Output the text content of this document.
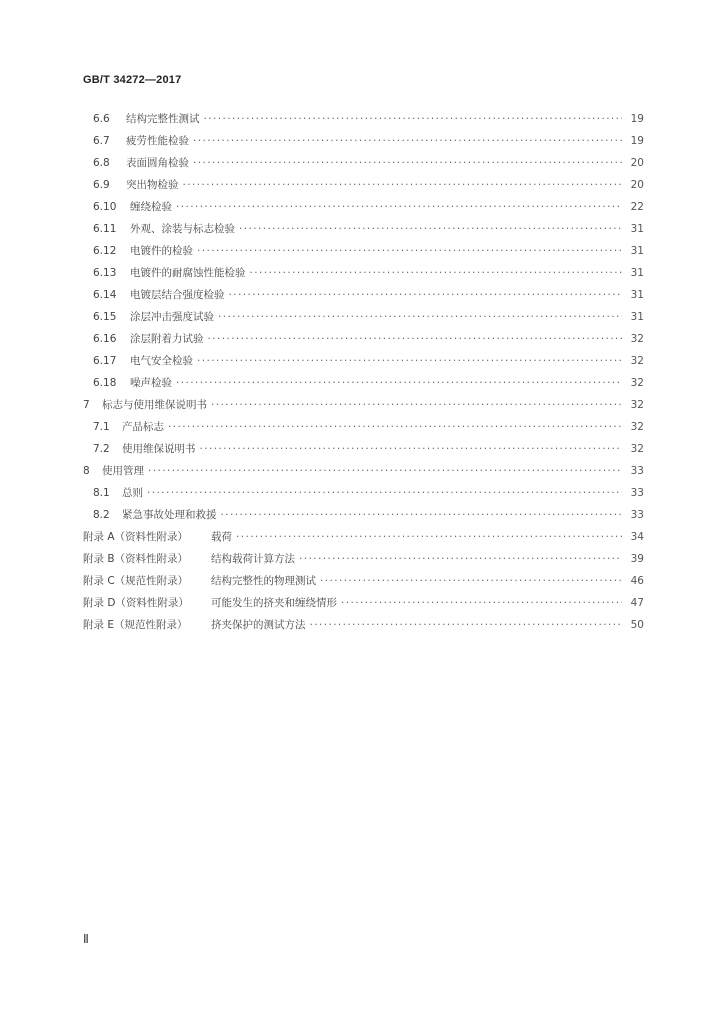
GB/T 34272—2017
6.6	结构完整性测试 ·····	19
6.7	疲劳性能检验 ·····	19
6.8	表面圆角检验 ·····	20
6.9	突出物检验 ·····	20
6.10	缠绕检验 ·····	22
6.11	外观、涂装与标志检验 ·····	31
6.12	电镀件的检验 ·····	31
6.13	电镀件的耐腐蚀性能检验 ·····	31
6.14	电镀层结合强度检验 ·····	31
6.15	涂层冲击强度试验 ·····	31
6.16	涂层附着力试验 ·····	32
6.17	电气安全检验 ·····	32
6.18	噪声检验 ·····	32
7	标志与使用维保说明书 ·····	32
7.1	产品标志 ·····	32
7.2	使用维保说明书 ·····	32
8	使用管理 ·····	33
8.1	总则 ·····	33
8.2	紧急事故处理和救援 ·····	33
附录 A（资料性附录）	载荷 ·····	34
附录 B（资料性附录）	结构载荷计算方法 ·····	39
附录 C（规范性附录）	结构完整性的物理测试 ·····	46
附录 D（资料性附录）	可能发生的挤夹和缠绕情形 ·····	47
附录 E（规范性附录）	挤夹保护的测试方法 ·····	50
Ⅱ
